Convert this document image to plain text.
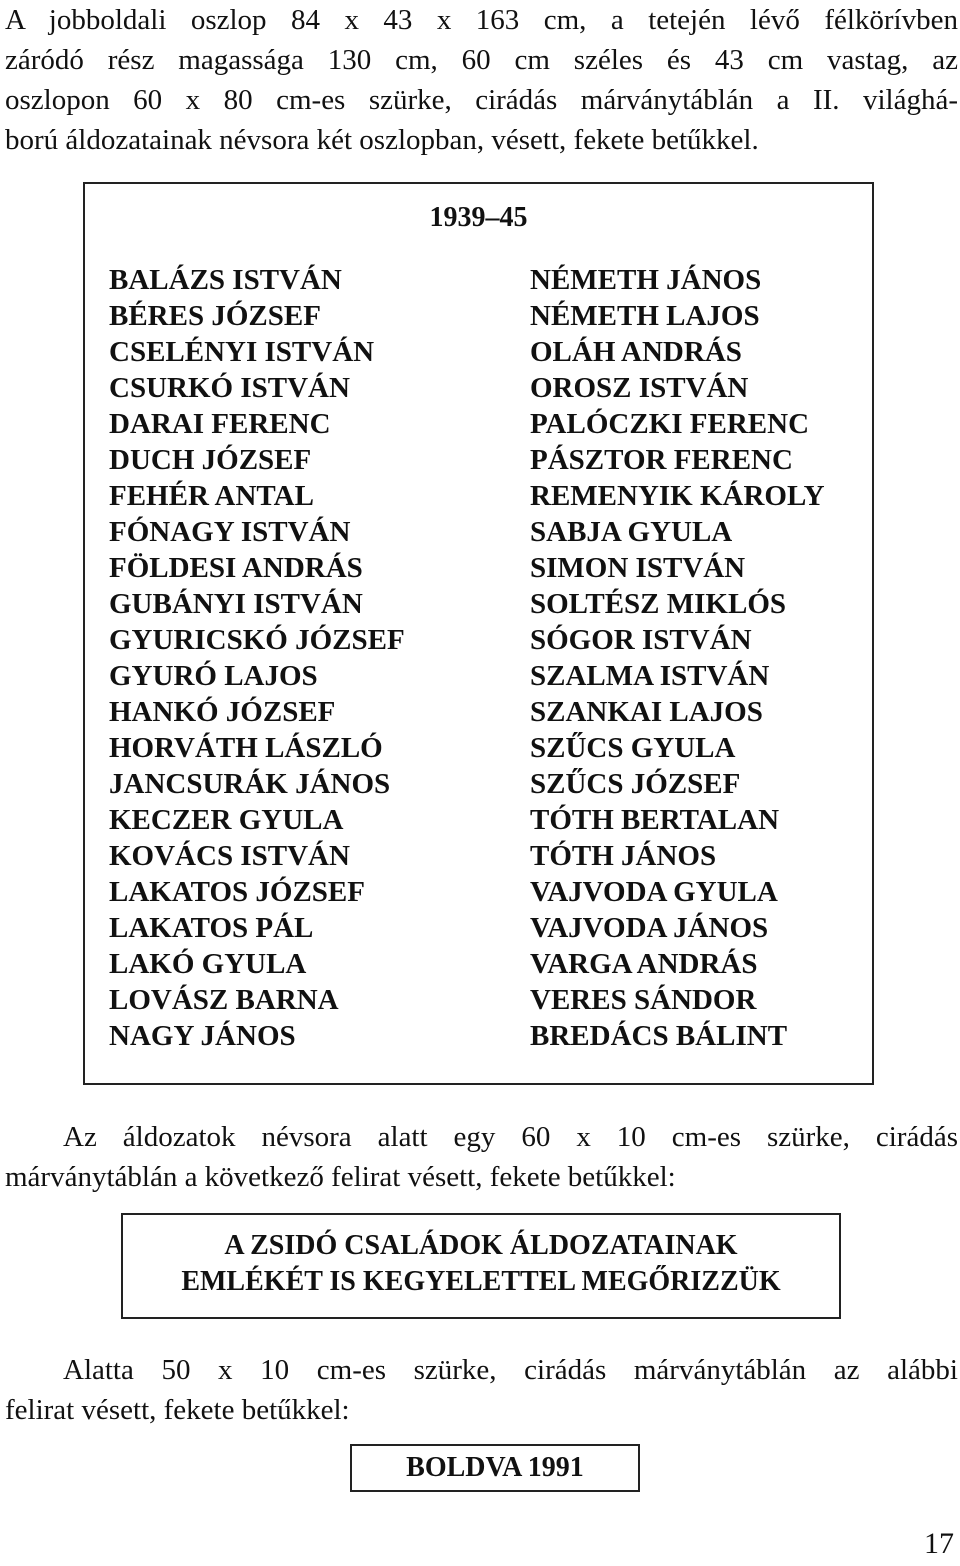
A jobboldali oszlop 84 x 43 x 163 cm, a tetején lévő félkörívben
záródó rész magassága 130 cm, 60 cm széles és 43 cm vastag, az
oszlopon 60 x 80 cm-es szürke, cirádás márványtáblán a II. világhá-
ború áldozatainak névsora két oszlopban, vésett, fekete betűkkel.
1939–45
BALÁZS ISTVÁN
BÉRES JÓZSEF
CSELÉNYI ISTVÁN
CSURKÓ ISTVÁN
DARAI FERENC
DUCH JÓZSEF
FEHÉR ANTAL
FÓNAGY ISTVÁN
FÖLDESI ANDRÁS
GUBÁNYI ISTVÁN
GYURICSKÓ JÓZSEF
GYURÓ LAJOS
HANKÓ JÓZSEF
HORVÁTH LÁSZLÓ
JANCSURÁK JÁNOS
KECZER GYULA
KOVÁCS ISTVÁN
LAKATOS JÓZSEF
LAKATOS PÁL
LAKÓ GYULA
LOVÁSZ BARNA
NAGY JÁNOS
NÉMETH JÁNOS
NÉMETH LAJOS
OLÁH ANDRÁS
OROSZ ISTVÁN
PALÓCZKI FERENC
PÁSZTOR FERENC
REMENYIK KÁROLY
SABJA GYULA
SIMON ISTVÁN
SOLTÉSZ MIKLÓS
SÓGOR ISTVÁN
SZALMA ISTVÁN
SZANKAI LAJOS
SZŰCS GYULA
SZŰCS JÓZSEF
TÓTH BERTALAN
TÓTH JÁNOS
VAJVODA GYULA
VAJVODA JÁNOS
VARGA ANDRÁS
VERES SÁNDOR
BREDÁCS BÁLINT
Az áldozatok névsora alatt egy 60 x 10 cm-es szürke, cirádás
márványtáblán a következő felirat vésett, fekete betűkkel:
A ZSIDÓ CSALÁDOK ÁLDOZATAINAK
EMLÉKÉT IS KEGYELETTEL MEGŐRIZZÜK
Alatta 50 x 10 cm-es szürke, cirádás márványtáblán az alábbi
felirat vésett, fekete betűkkel:
BOLDVA 1991
17
